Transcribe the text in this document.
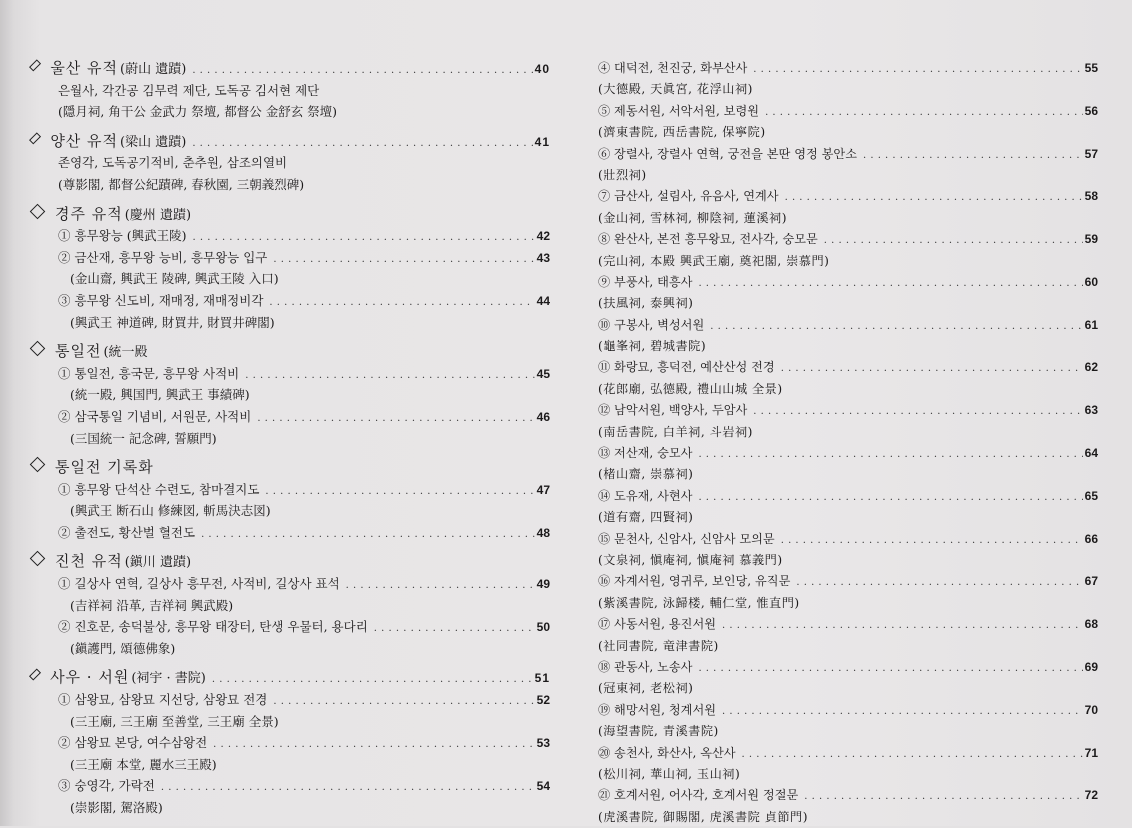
울산 유적 (蔚山 遺蹟) . . .	40
은월사, 각간공 김무력 제단, 도독공 김서현 제단
(隱月祠, 角干公 金武力 祭壇, 都督公 金舒玄 祭壇)
양산 유적 (梁山 遺蹟) . . .	41
존영각, 도독공기적비, 춘추원, 삼조의열비
(尊影閣, 都督公紀蹟碑, 春秋園, 三朝義烈碑)
경주 유적 (慶州 遺蹟)
① 흥무왕능 (興武王陵) . . .	42
② 금산재, 흥무왕 능비, 흥무왕능 입구 . . .	43
(金山齋, 興武王 陵碑, 興武王陵 入口)
③ 흥무왕 신도비, 재매정, 재매정비각 . . .	44
(興武王 神道碑, 財買井, 財買井碑閣)
통일전 (統一殿
① 통일전, 흥국문, 흥무왕 사적비 . . .	45
(統一殿, 興国門, 興武王 事績碑)
② 삼국통일 기념비, 서원문, 사적비 . . .	46
(三国統一 記念碑, 誓願門)
통일전 기록화
① 흥무왕 단석산 수련도, 참마결지도 . . .	47
(興武王 断石山 修練図, 斬馬決志図)
② 출전도, 황산벌 혈전도 . . .	48
진천 유적 (鎭川 遺蹟)
① 길상사 연혁, 길상사 흥무전, 사적비, 길상사 표석 . . .	49
(吉祥祠 沿革, 吉祥祠 興武殿)
② 진호문, 송덕불상, 흥무왕 태장터, 탄생 우물터, 용다리 . . .	50
(鎭護門, 頌德佛象)
사우 · 서원 (祠宇 · 書院) . . .	51
① 삼왕묘, 삼왕묘 지선당, 삼왕묘 전경 . . .	52
(三王廟, 三王廟 至善堂, 三王廟 全景)
② 삼왕묘 본당, 여수삼왕전 . . .	53
(三王廟 本堂, 麗水三王殿)
③ 숭영각, 가락전 . . .	54
(崇影閣, 駕洛殿)
④ 대덕전, 천진궁, 화부산사 . . .	55
(大德殿, 天眞宮, 花浮山祠)
⑤ 제동서원, 서악서원, 보령원 . . .	56
(濟東書院, 西岳書院, 保寧院)
⑥ 장렬사, 장렬사 연혁, 궁전을 본딴 영정 봉안소 . . .	57
(壯烈祠)
⑦ 금산사, 설림사, 유음사, 연계사 . . .	58
(金山祠, 雪林祠, 柳陰祠, 蓮溪祠)
⑧ 완산사, 본전 흥무왕묘, 전사각, 숭모문 . . .	59
(完山祠, 本殿 興武王廟, 奠祀閣, 崇慕門)
⑨ 부풍사, 태흥사 . . .	60
(扶風祠, 泰興祠)
⑩ 구봉사, 벽성서원 . . .	61
(龜峯祠, 碧城書院)
⑪ 화랑묘, 흥덕전, 예산산성 전경 . . .	62
(花郎廟, 弘德殿, 禮山山城 全景)
⑫ 남악서원, 백양사, 두암사 . . .	63
(南岳書院, 白羊祠, 斗岩祠)
⑬ 저산재, 숭모사 . . .	64
(楮山齋, 崇慕祠)
⑭ 도유재, 사현사 . . .	65
(道有齋, 四賢祠)
⑮ 문천사, 신암사, 신암사 모의문 . . .	66
(文泉祠, 愼庵祠, 愼庵祠 慕義門)
⑯ 자계서원, 영귀루, 보인당, 유직문 . . .	67
(紫溪書院, 泳歸楼, 輔仁堂, 惟直門)
⑰ 사동서원, 용진서원 . . .	68
(社同書院, 竜津書院)
⑱ 관동사, 노송사 . . .	69
(冠東祠, 老松祠)
⑲ 해망서원, 청계서원 . . .	70
(海望書院, 青溪書院)
⑳ 송천사, 화산사, 옥산사 . . .	71
(松川祠, 華山祠, 玉山祠)
㉑ 호계서원, 어사각, 호계서원 정절문 . . .	72
(虎溪書院, 御賜閣, 虎溪書院 貞節門)
